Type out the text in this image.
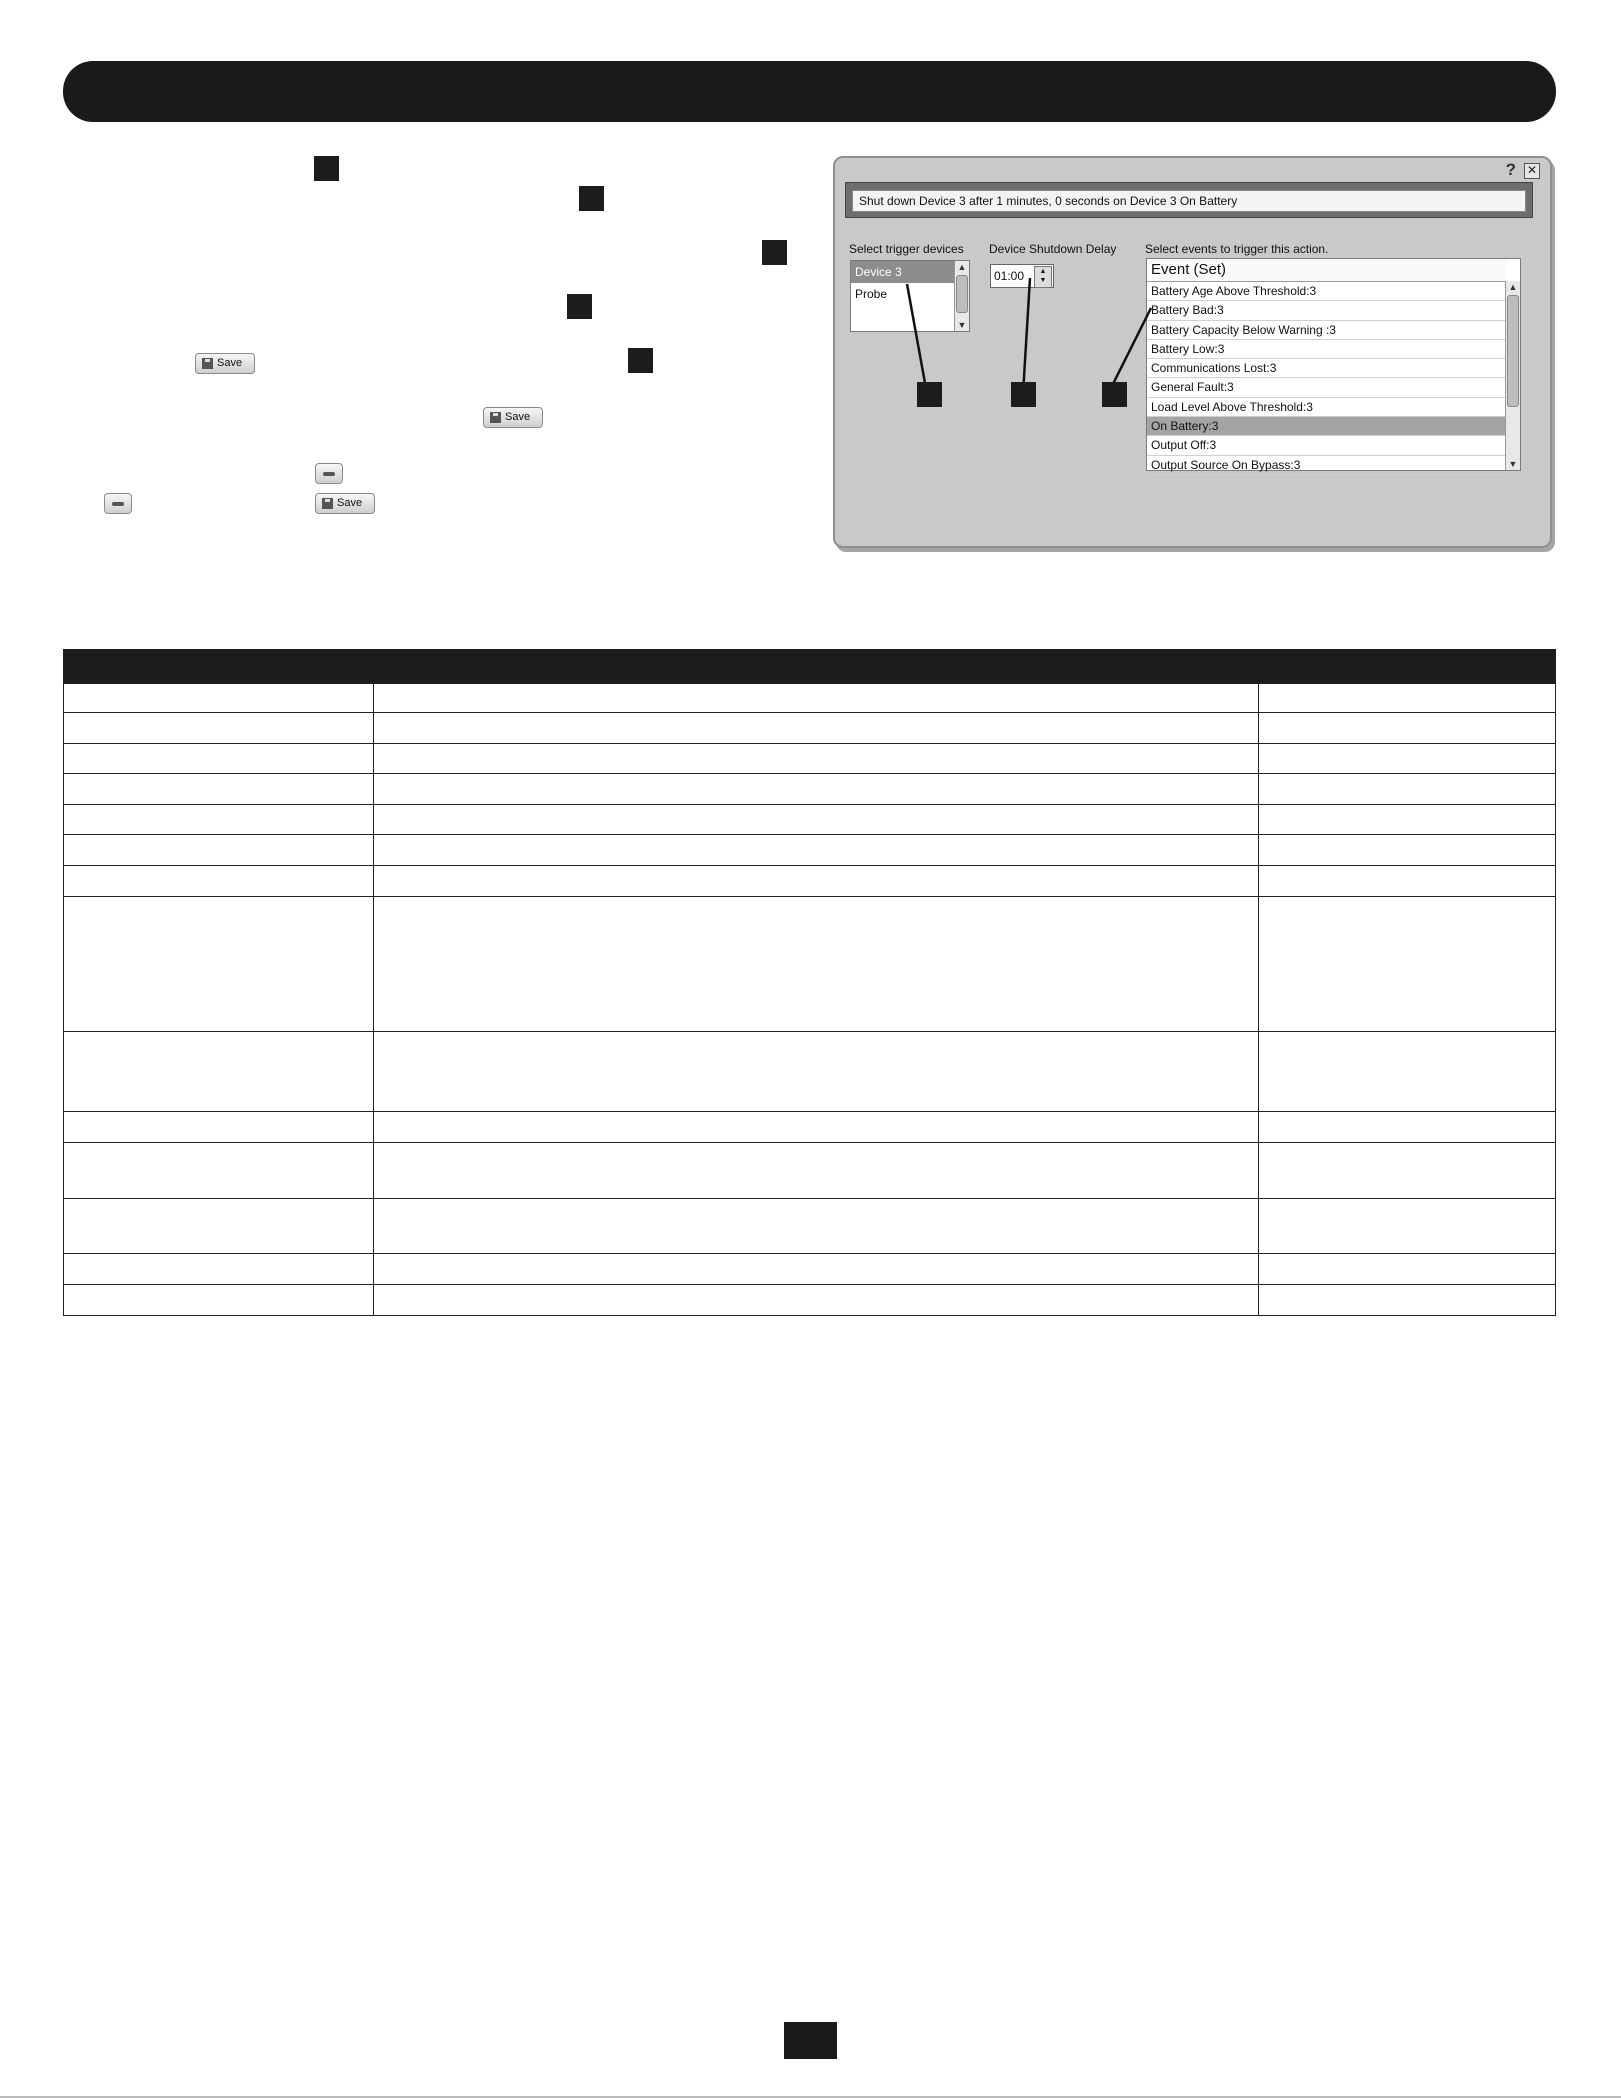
Save
Save
Save
? ✕
Shut down Device 3 after 1 minutes, 0 seconds on Device 3 On Battery
Select trigger devices
Device 3
Probe
▲
▼
Device Shutdown Delay
01:00	▲
▼
Select events to trigger this action.
Event (Set)
Battery Age Above Threshold:3
Battery Bad:3
Battery Capacity Below Warning :3
Battery Low:3
Communications Lost:3
General Fault:3
Load Level Above Threshold:3
On Battery:3
Output Off:3
Output Source On Bypass:3
▲
▼
